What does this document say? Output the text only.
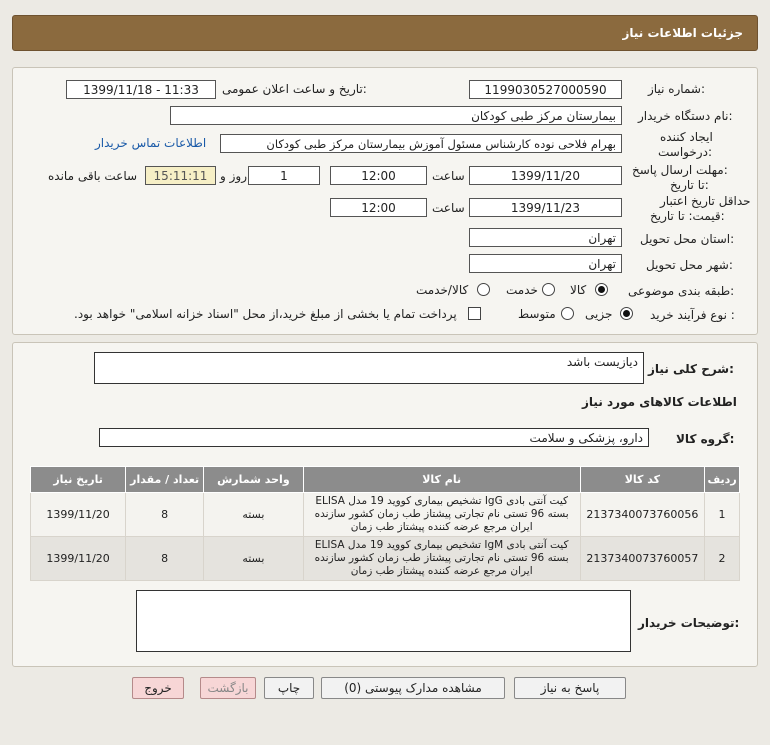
جزئیات اطلاعات نیاز
شماره نیاز:
1199030527000590
تاریخ و ساعت اعلان عمومی:
1399/11/18 - 11:33
نام دستگاه خریدار:
بیمارستان مرکز طبی کودکان
ایجاد کننده
درخواست:
بهرام فلاحی نوده کارشناس مسئول آموزش بیمارستان مرکز طبی کودکان
اطلاعات تماس خریدار
مهلت ارسال پاسخ:
تا تاریخ:
1399/11/20
ساعت
12:00
1
روز و
15:11:11
ساعت باقی مانده
حداقل تاریخ اعتبار
قیمت: تا تاریخ:
1399/11/23
ساعت
12:00
استان محل تحویل:
تهران
شهر محل تحویل:
تهران
طبقه بندی موضوعی:
کالا
خدمت
کالا/خدمت
نوع فرآیند خرید :
جزیی
متوسط
پرداخت تمام یا بخشی از مبلغ خرید،از محل "اسناد خزانه اسلامی" خواهد بود.
شرح کلی نیاز:
دیازیست باشد
اطلاعات کالاهای مورد نیاز
گروه کالا:
دارو، پزشکی و سلامت
تاریخ نیاز	تعداد / مقدار	واحد شمارش	نام کالا	کد کالا	ردیف
1399/11/20	8	بسته	کیت آنتی بادی IgG تشخیص بیماری کووید 19 مدل ELISA بسته 96 تستی نام تجارتی پیشتاز طب زمان کشور سازنده ایران مرجع عرضه کننده پیشتاز طب زمان	2137340073760056	1
1399/11/20	8	بسته	کیت آنتی بادی IgM تشخیص بیماری کووید 19 مدل ELISA بسته 96 تستی نام تجارتی پیشتاز طب زمان کشور سازنده ایران مرجع عرضه کننده پیشتاز طب زمان	2137340073760057	2
توضیحات خریدار:
پاسخ به نیاز
مشاهده مدارک پیوستی (0)
چاپ
بازگشت
خروج
